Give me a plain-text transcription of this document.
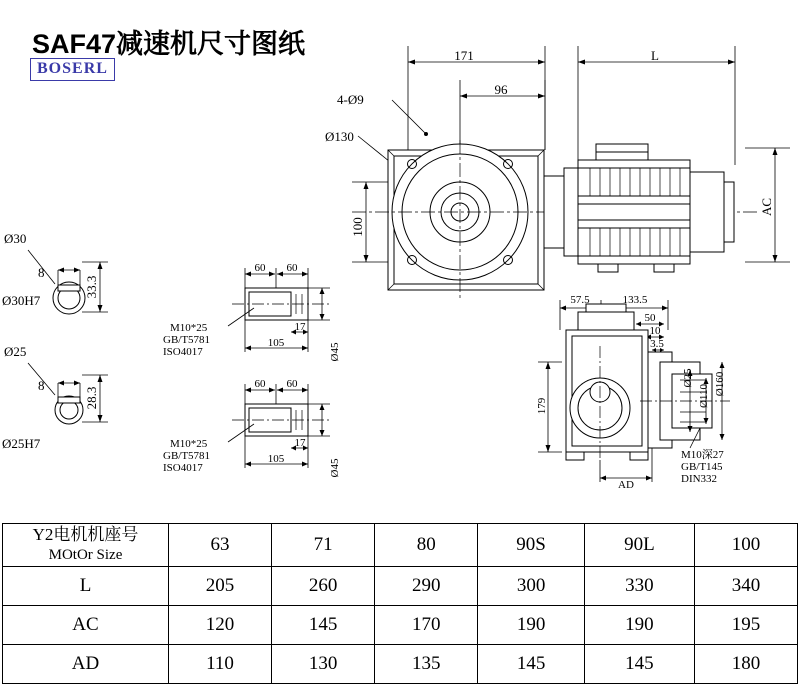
SAF47减速机尺寸图纸
BOSERL
171	L
4-Ø9
96
Ø130
100
AC
Ø30
8
33.3
Ø30H7
Ø25
8
28.3
Ø25H7
60 60
17
105	Ø45
M10*25
GB/T5781
ISO4017
60 60
17
105	Ø45
M10*25
GB/T5781
ISO4017
57.5	133.5
50
10
3.5
179
Ø25
Ø110 Ø160
AD
M10深27
GB/T145
DIN332
Y2电机机座号
MOtOr Size	63	71	80	90S	90L	100
L	205	260	290	300	330	340
AC	120	145	170	190	190	195
AD	110	130	135	145	145	180
